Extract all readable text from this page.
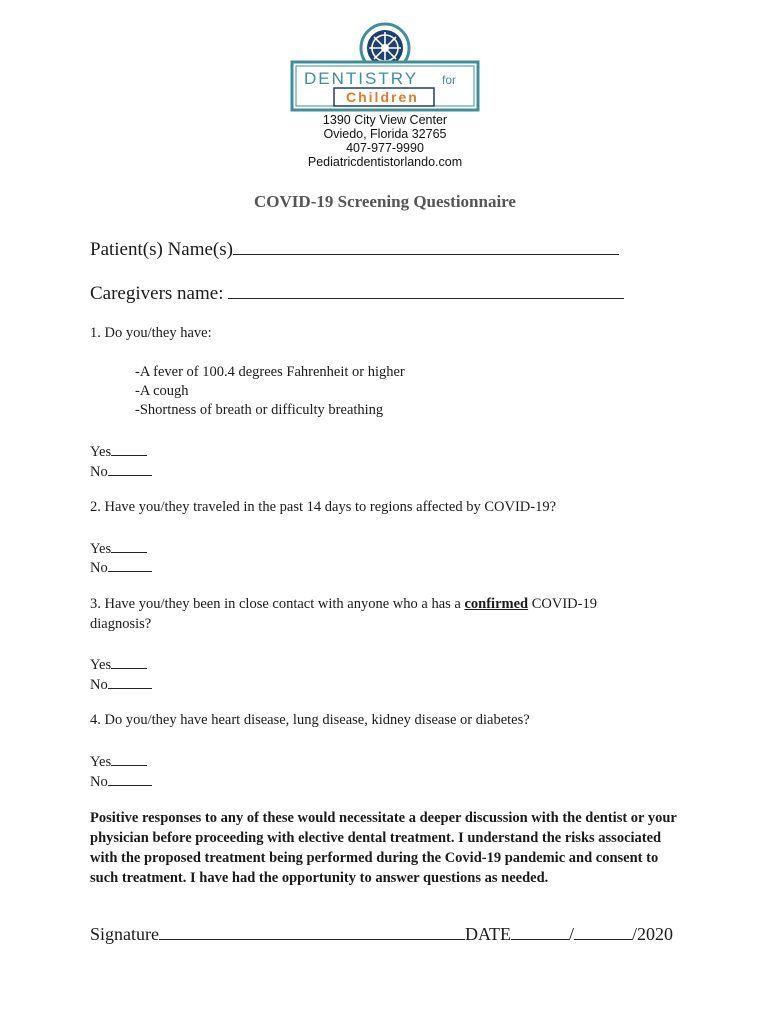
DENTISTRY for
Children
1390 City View Center
Oviedo, Florida 32765
407-977-9990
Pediatricdentistorlando.com
COVID-19 Screening Questionnaire
Patient(s) Name(s)
Caregivers name:
1. Do you/they have:
-A fever of 100.4 degrees Fahrenheit or higher
-A cough
-Shortness of breath or difficulty breathing
Yes
No
2. Have you/they traveled in the past 14 days to regions affected by COVID-19?
Yes
No
3. Have you/they been in close contact with anyone who a has a confirmed COVID-19
diagnosis?
Yes
No
4. Do you/they have heart disease, lung disease, kidney disease or diabetes?
Yes
No
Positive responses to any of these would necessitate a deeper discussion with the dentist or your physician before proceeding with elective dental treatment. I understand the risks associated with the proposed treatment being performed during the Covid-19 pandemic and consent to such treatment. I have had the opportunity to answer questions as needed.
Signature	DATE	/	/2020
